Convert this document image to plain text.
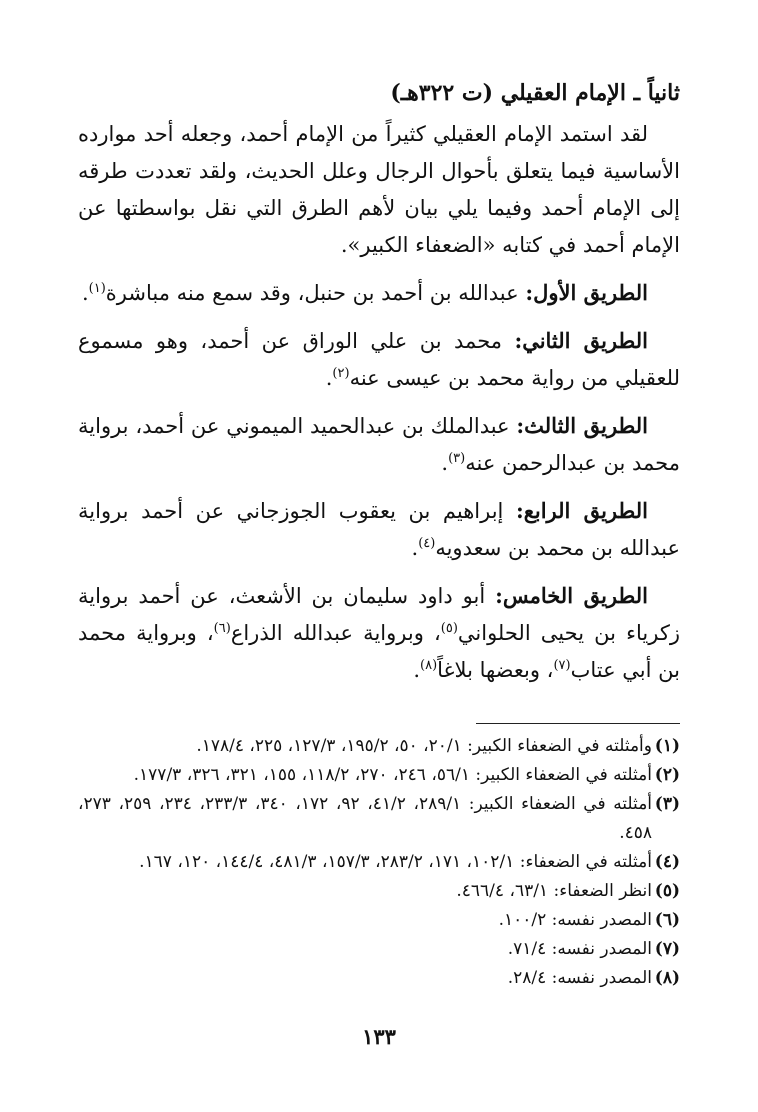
ثانياً ـ الإمام العقيلي (ت ٣٢٢هـ)

لقد استمد الإمام العقيلي كثيراً من الإمام أحمد، وجعله أحد موارده الأساسية فيما يتعلق بأحوال الرجال وعلل الحديث، ولقد تعددت طرقه إلى الإمام أحمد وفيما يلي بيان لأهم الطرق التي نقل بواسطتها عن الإمام أحمد في كتابه «الضعفاء الكبير».

الطريق الأول: عبدالله بن أحمد بن حنبل، وقد سمع منه مباشرة$^{(١)}$.

الطريق الثاني: محمد بن علي الوراق عن أحمد، وهو مسموع للعقيلي من رواية محمد بن عيسى عنه$^{(٢)}$.

الطريق الثالث: عبدالملك بن عبدالحميد الميموني عن أحمد، برواية محمد بن عبدالرحمن عنه$^{(٣)}$.

الطريق الرابع: إبراهيم بن يعقوب الجوزجاني عن أحمد برواية عبدالله بن محمد بن سعدويه$^{(٤)}$.

الطريق الخامس: أبو داود سليمان بن الأشعث، عن أحمد برواية زكرياء بن يحيى الحلواني$^{(٥)}$، وبرواية عبدالله الذراع$^{(٦)}$، وبرواية محمد بن أبي عتاب$^{(٧)}$، وبعضها بلاغاً$^{(٨)}$.

(١)
وأمثلته في الضعفاء الكبير: ٢٠/١، ٥٠، ١٩٥/٢، ١٢٧/٣، ٢٢٥، ١٧٨/٤.
(٢)
أمثلته في الضعفاء الكبير: ٥٦/١، ٢٤٦، ٢٧٠، ١١٨/٢، ١٥٥، ٣٢١، ٣٢٦، ١٧٧/٣.
(٣)
أمثلته في الضعفاء الكبير: ٢٨٩/١، ٤١/٢، ٩٢، ١٧٢، ٣٤٠، ٢٣٣/٣، ٢٣٤، ٢٥٩، ٢٧٣، ٤٥٨.
(٤)
أمثلته في الضعفاء: ١٠٢/١، ١٧١، ٢٨٣/٢، ١٥٧/٣، ٤٨١/٣، ١٤٤/٤، ١٢٠، ١٦٧.
(٥)
انظر الضعفاء: ٦٣/١، ٤٦٦/٤.
(٦)
المصدر نفسه: ١٠٠/٢.
(٧)
المصدر نفسه: ٧١/٤.
(٨)
المصدر نفسه: ٢٨/٤.
١٣٣
